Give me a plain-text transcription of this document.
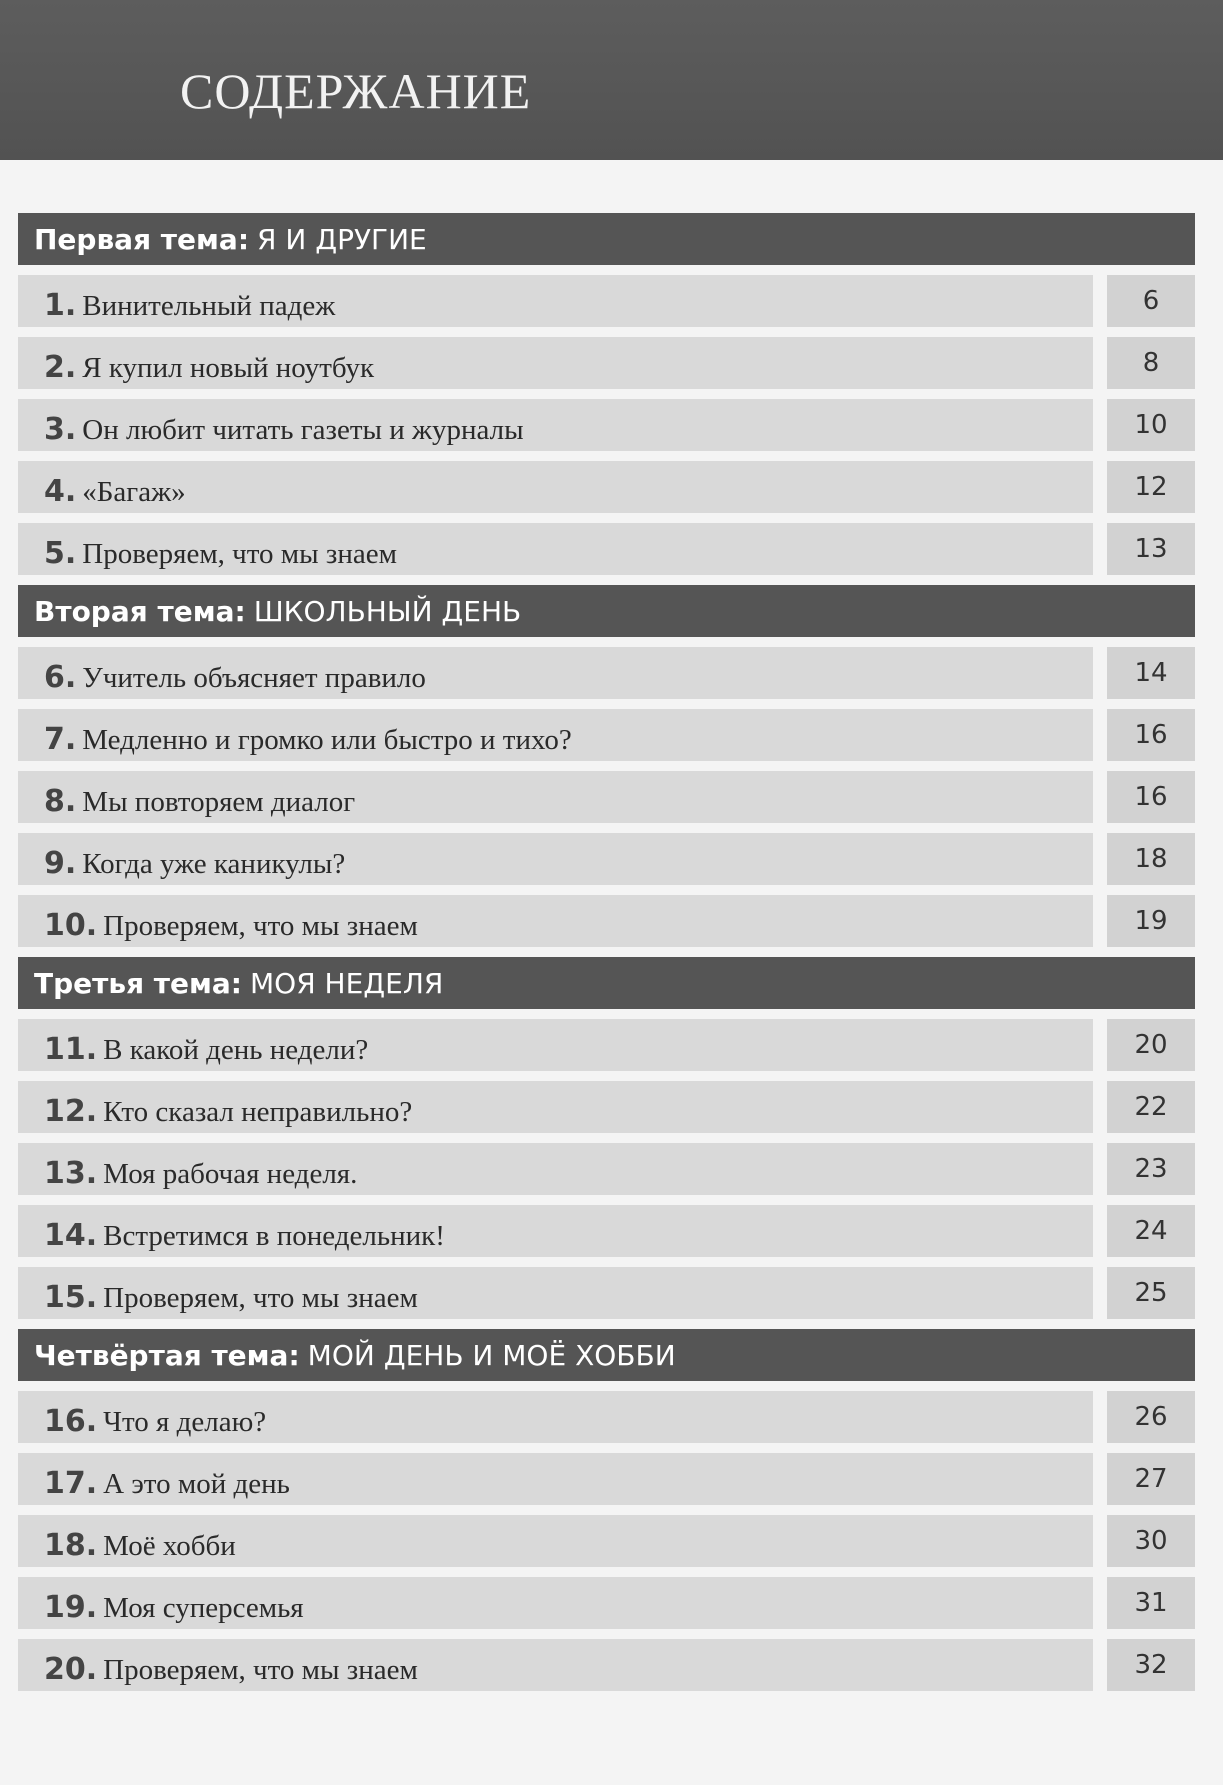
СОДЕРЖАНИЕ
Первая тема : Я И ДРУГИЕ
1. Винительный падеж	6
2. Я купил новый ноутбук	8
3. Он любит читать газеты и журналы	10
4. «Багаж»	12
5. Проверяем, что мы знаем	13
Вторая тема : ШКОЛЬНЫЙ ДЕНЬ
6. Учитель объясняет правило	14
7. Медленно и громко или быстро и тихо?	16
8. Мы повторяем диалог	16
9. Когда уже каникулы?	18
10. Проверяем, что мы знаем	19
Третья тема : МОЯ НЕДЕЛЯ
11. В какой день недели?	20
12. Кто сказал неправильно?	22
13. Моя рабочая неделя.	23
14. Встретимся в понедельник!	24
15. Проверяем, что мы знаем	25
Четвёртая тема : МОЙ ДЕНЬ И МОЁ ХОББИ
16. Что я делаю?	26
17. А это мой день	27
18. Моё хобби	30
19. Моя суперсемья	31
20. Проверяем, что мы знаем	32
